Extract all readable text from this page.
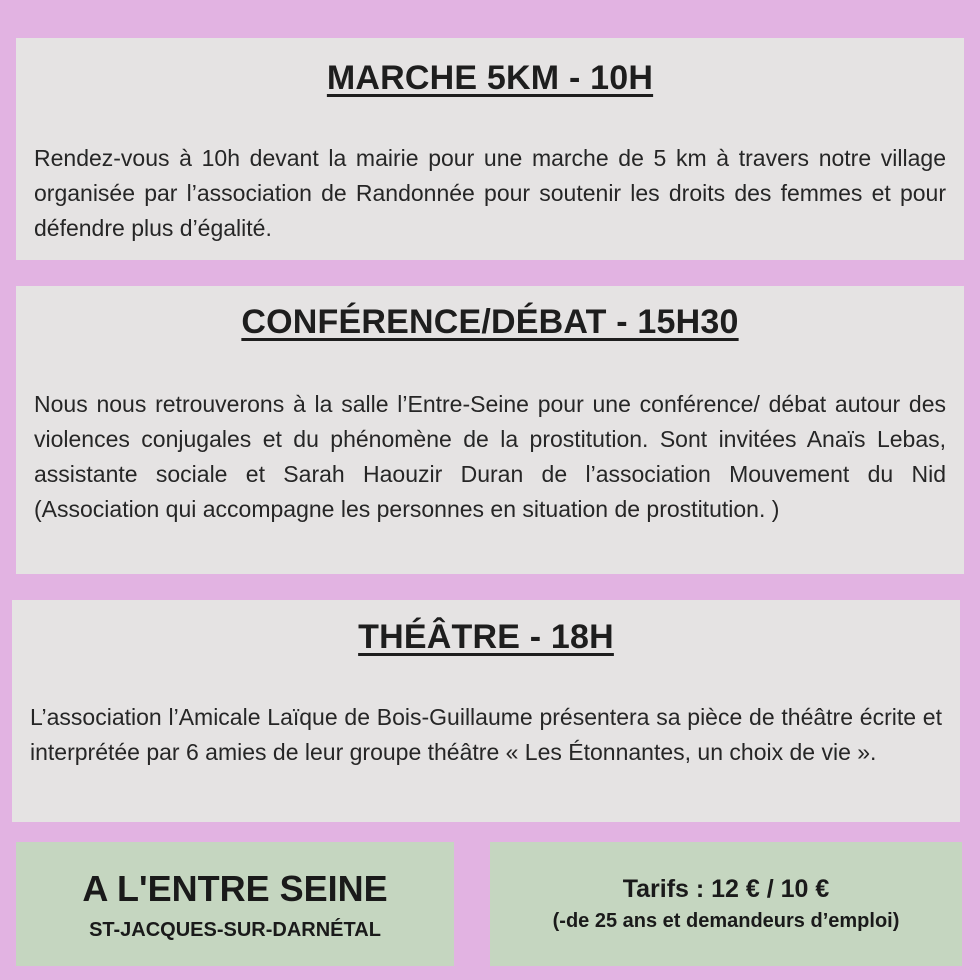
MARCHE 5KM - 10H

Rendez-vous à 10h devant la mairie pour une marche de 5 km à travers notre village organisée par l’association de Randonnée pour soutenir les droits des femmes et pour défendre plus d’égalité.

CONFÉRENCE/DÉBAT - 15H30

Nous nous retrouverons à la salle l’Entre-Seine pour une conférence/ débat autour des violences conjugales et du phénomène de la prostitution. Sont invitées Anaïs Lebas, assistante sociale et Sarah Haouzir Duran de l’association Mouvement du Nid (Association qui accompagne les personnes en situation de prostitution. )

THÉÂTRE - 18H

L’association l’Amicale Laïque de Bois-Guillaume présentera sa pièce de théâtre écrite et interprétée par 6 amies de leur groupe théâtre « Les Étonnantes, un choix de vie ».

A L'ENTRE SEINE

ST-JACQUES-SUR-DARNÉTAL

Tarifs : 12 € / 10 €

(-de 25 ans et demandeurs d’emploi)
